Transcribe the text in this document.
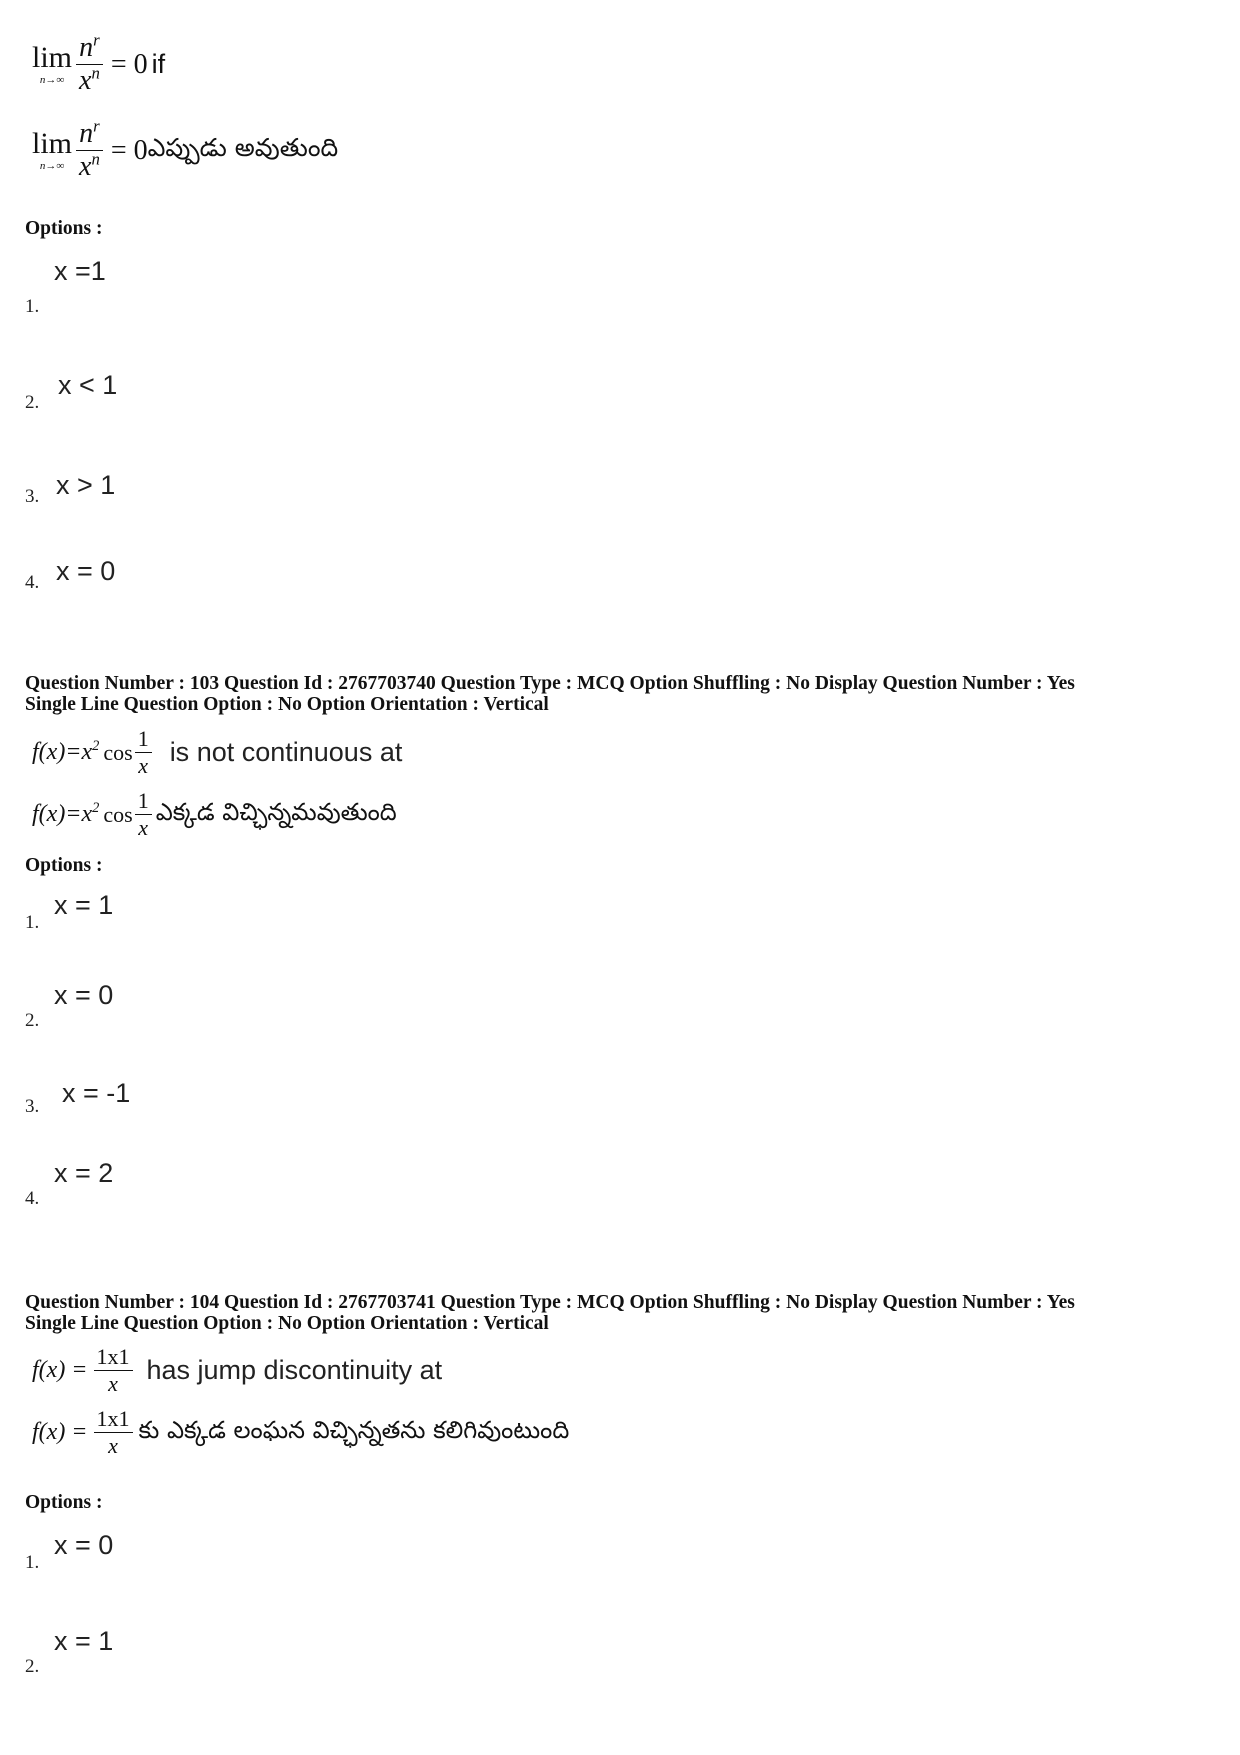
lim
$n\to\infty \frac{n^r}{x^n} = 0$ if
lim
$n\to\infty \frac{n^r}{x^n} = 0$ ఎప్పుడు అవుతుంది
Options :
x =1
1.
x < 1
2.
x > 1
3.
x = 0
4.
Question Number : 103 Question Id : 2767703740 Question Type : MCQ Option Shuffling : No Display Question Number : Yes
Single Line Question Option : No Option Orientation : Vertical
$f(x)=x^2$ $\cos \frac{1}{x}$ is not continuous at
$f(x)=x^2$ $\cos \frac{1}{x}$ ఎక్కడ విచ్ఛిన్నమవుతుంది
Options :
x = 1
1.
x = 0
2.
x = -1
3.
x = 2
4.
Question Number : 104 Question Id : 2767703741 Question Type : MCQ Option Shuffling : No Display Question Number : Yes
Single Line Question Option : No Option Orientation : Vertical
$f(x) = \frac{1x1}{x}$ has jump discontinuity at
$f(x) = \frac{1x1}{x}$ కు ఎక్కడ లంఘన విచ్ఛిన్నతను కలిగివుంటుంది
Options :
x = 0
1.
x = 1
2.
